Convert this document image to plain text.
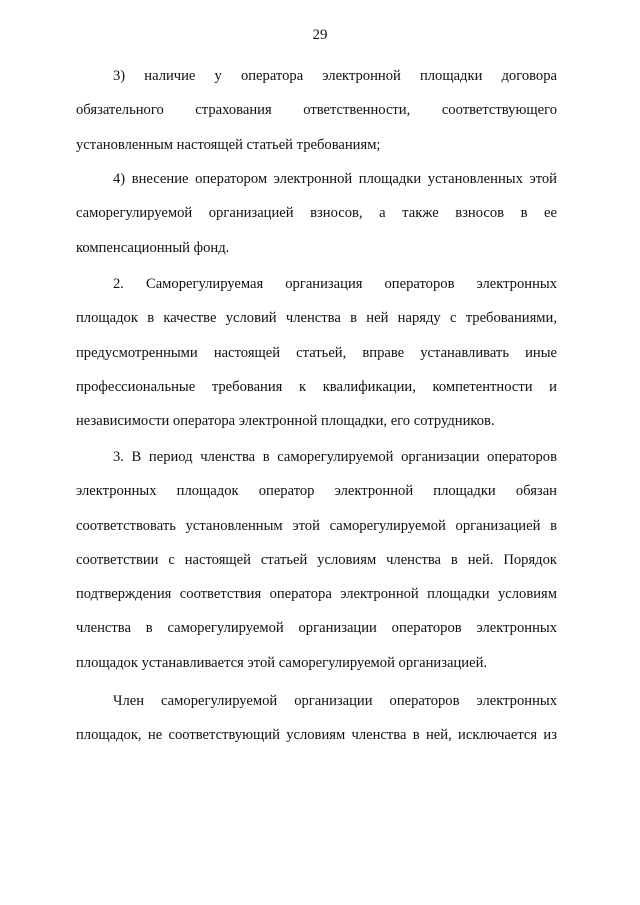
29
3) наличие у оператора электронной площадки договора
обязательного страхования ответственности, соответствующего
установленным настоящей статьей требованиям;
4) внесение оператором электронной площадки установленных этой
саморегулируемой организацией взносов, а также взносов в ее
компенсационный фонд.
2. Саморегулируемая организация операторов электронных
площадок в качестве условий членства в ней наряду с требованиями,
предусмотренными настоящей статьей, вправе устанавливать иные
профессиональные требования к квалификации, компетентности и
независимости оператора электронной площадки, его сотрудников.
3. В период членства в саморегулируемой организации операторов
электронных площадок оператор электронной площадки обязан
соответствовать установленным этой саморегулируемой организацией в
соответствии с настоящей статьей условиям членства в ней. Порядок
подтверждения соответствия оператора электронной площадки условиям
членства в саморегулируемой организации операторов электронных
площадок устанавливается этой саморегулируемой организацией.
Член саморегулируемой организации операторов электронных
площадок, не соответствующий условиям членства в ней, исключается из
